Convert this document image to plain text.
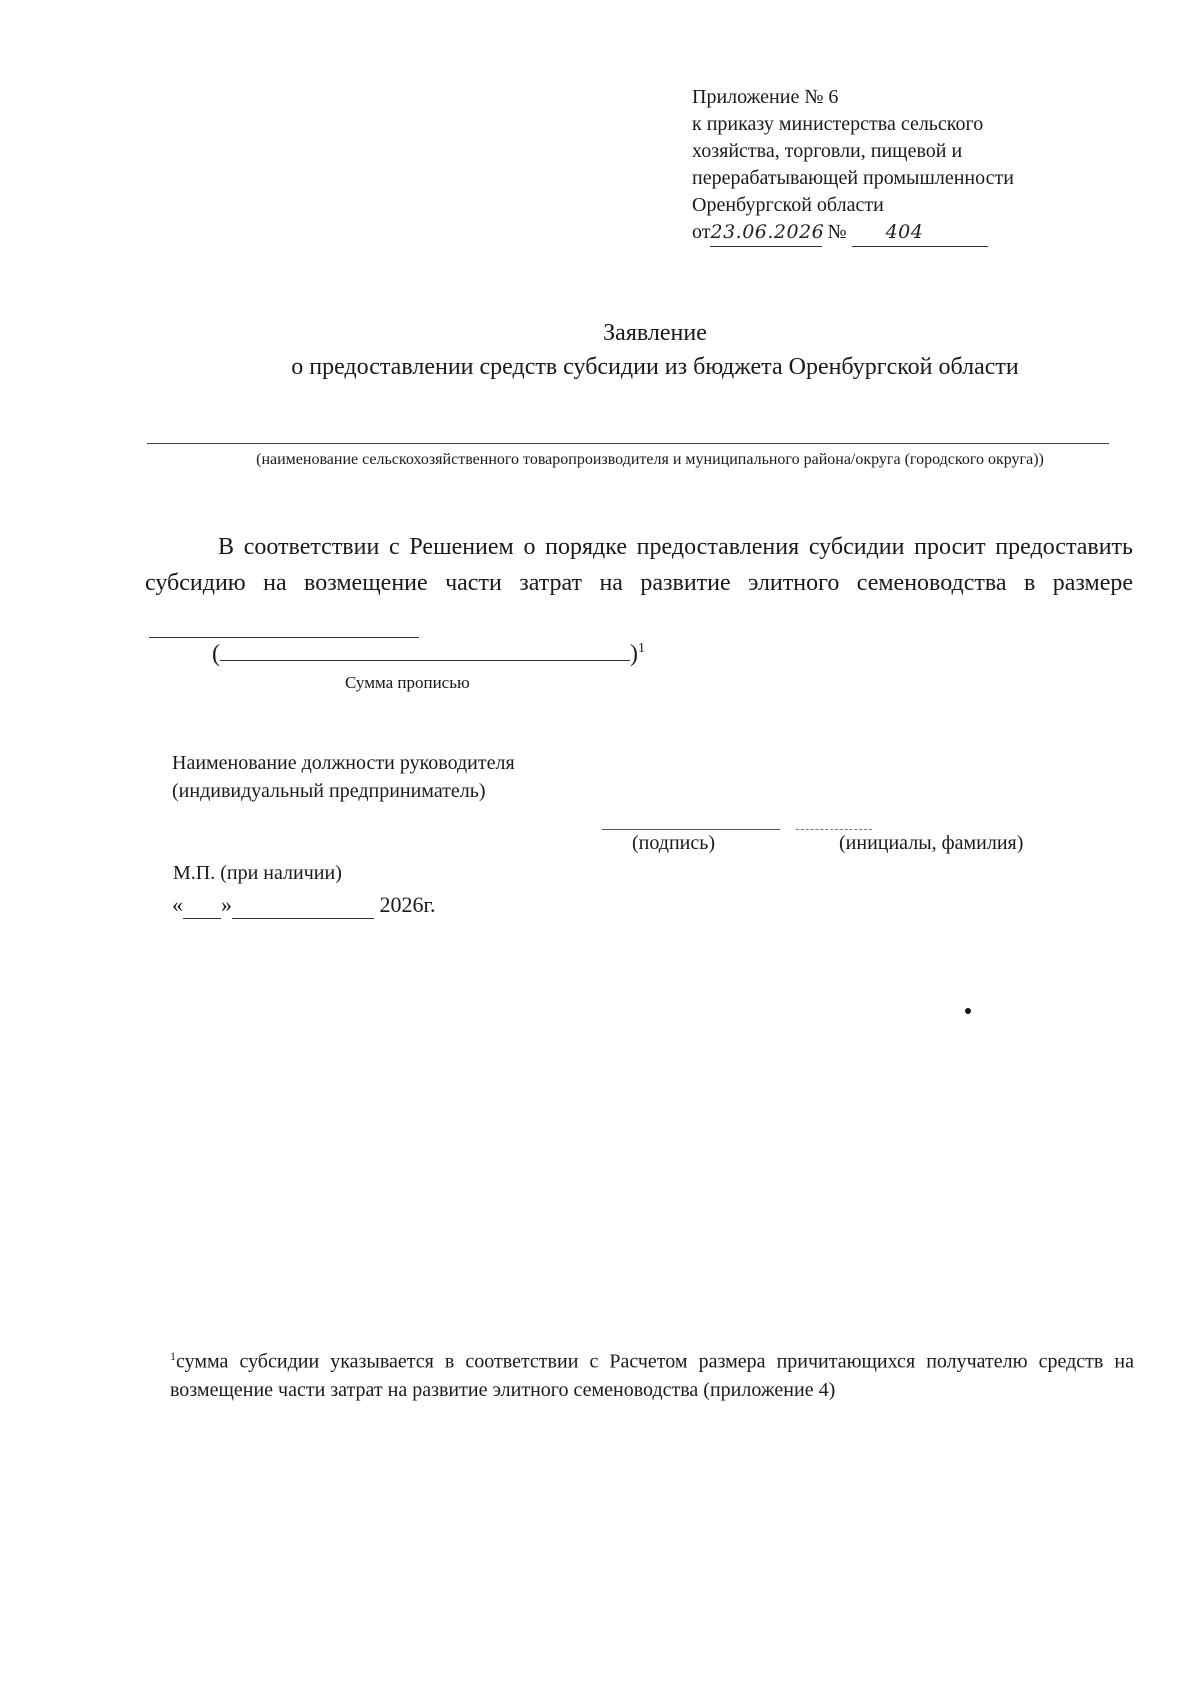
Приложение № 6
к приказу министерства сельского
хозяйства, торговли, пищевой и
перерабатывающей промышленности
Оренбургской области
от23.06.2026 № 404
Заявление
о предоставлении средств субсидии из бюджета Оренбургской области
(наименование сельскохозяйственного товаропроизводителя и муниципального района/округа (городского округа))
В соответствии с Решением о порядке предоставления субсидии просит предоставить субсидию на возмещение части затрат на развитие элитного семеноводства в размере
(	)$^1$
Сумма прописью
Наименование должности руководителя
(индивидуальный предприниматель)
(подпись)	(инициалы, фамилия)
М.П. (при наличии)
« »	2026г.
$^1$сумма субсидии указывается в соответствии с Расчетом размера причитающихся получателю средств на возмещение части затрат на развитие элитного семеноводства (приложение 4)
